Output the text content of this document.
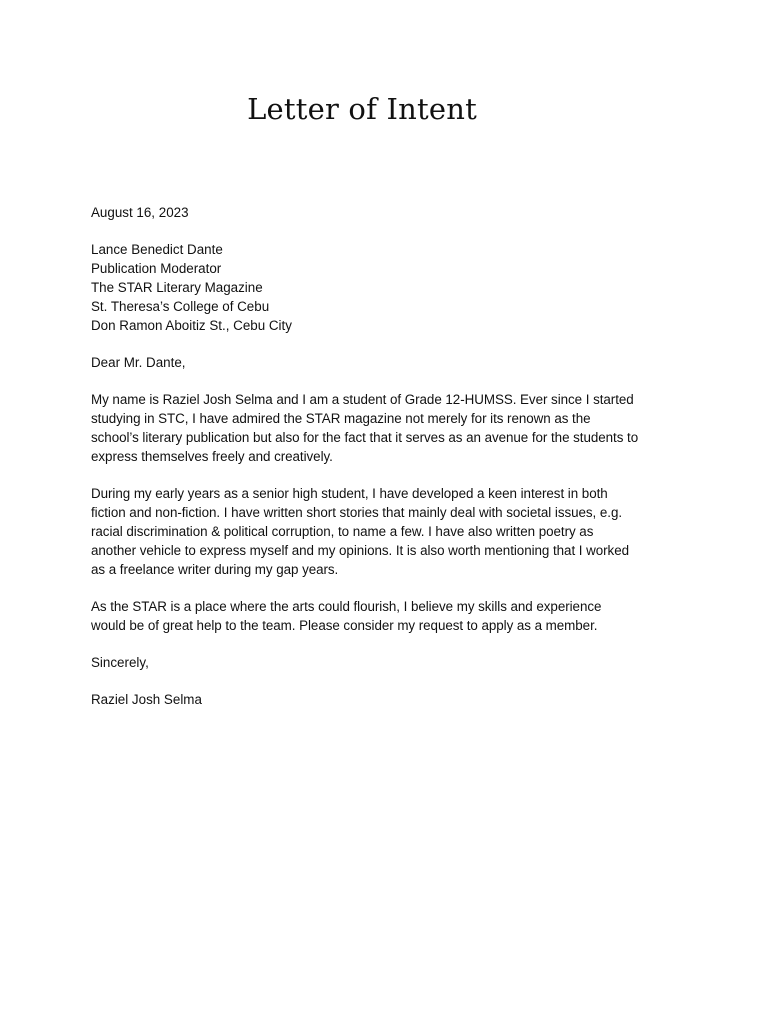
Letter of Intent

August 16, 2023

Lance Benedict Dante
Publication Moderator
The STAR Literary Magazine
St. Theresa’s College of Cebu
Don Ramon Aboitiz St., Cebu City

Dear Mr. Dante,

My name is Raziel Josh Selma and I am a student of Grade 12-HUMSS. Ever since I started studying in STC, I have admired the STAR magazine not merely for its renown as the school’s literary publication but also for the fact that it serves as an avenue for the students to express themselves freely and creatively.

During my early years as a senior high student, I have developed a keen interest in both fiction and non-fiction. I have written short stories that mainly deal with societal issues, e.g. racial discrimination & political corruption, to name a few. I have also written poetry as another vehicle to express myself and my opinions. It is also worth mentioning that I worked as a freelance writer during my gap years.

As the STAR is a place where the arts could flourish, I believe my skills and experience would be of great help to the team. Please consider my request to apply as a member.

Sincerely,

Raziel Josh Selma
